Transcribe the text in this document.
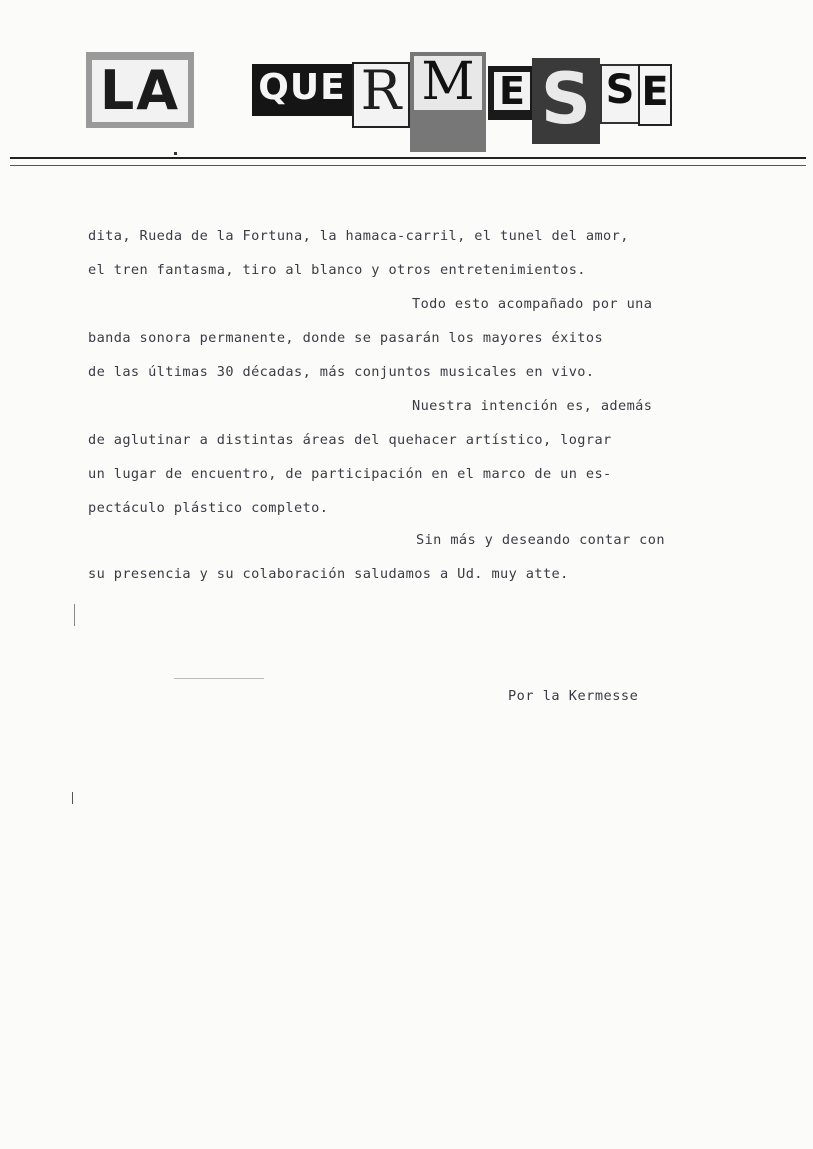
LA QUE R M E S S E
dita, Rueda de la Fortuna, la hamaca-carril, el tunel del amor,
el tren fantasma, tiro al blanco y otros entretenimientos.
Todo esto acompañado por una
banda sonora permanente, donde se pasarán los mayores éxitos
de las últimas 30 décadas, más conjuntos musicales en vivo.
Nuestra intención es, además
de aglutinar a distintas áreas del quehacer artístico, lograr
un lugar de encuentro, de participación en el marco de un es-
pectáculo plástico completo.
Sin más y deseando contar con
su presencia y su colaboración saludamos a Ud. muy atte.
Por la Kermesse
